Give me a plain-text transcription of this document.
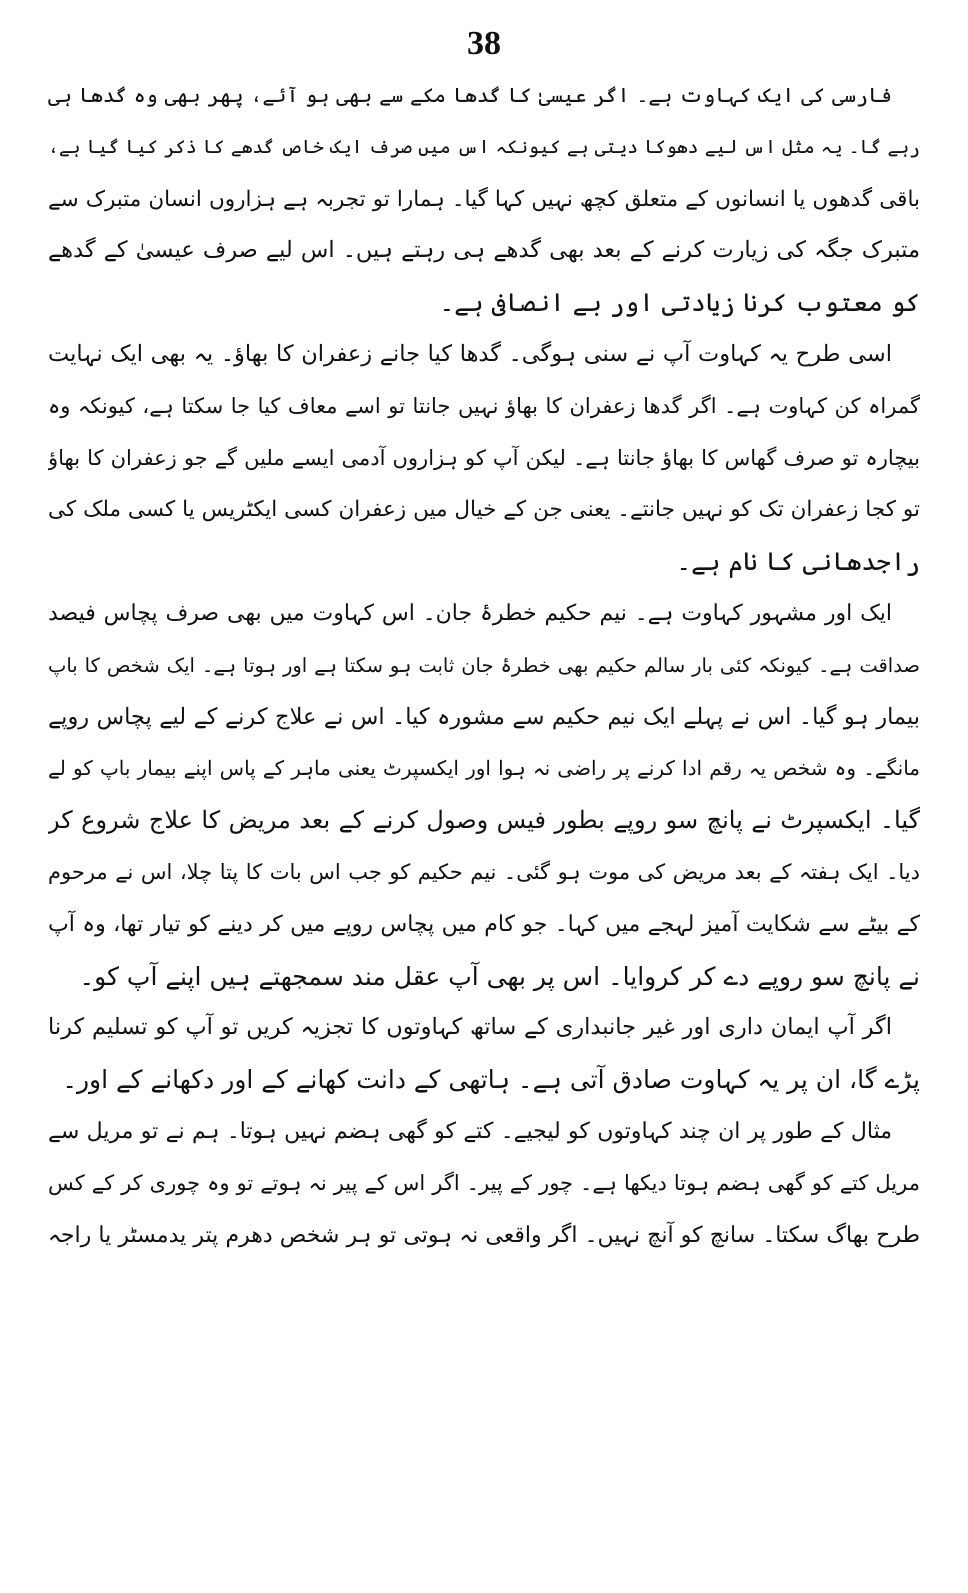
38
فارسی کی ایک کہاوت ہے۔ اگر عیسیٰ کا گدھا مکے سے بھی ہو آئے، پھر بھی وہ گدھا ہی
رہے گا۔ یہ مثل اس لیے دھوکا دیتی ہے کیونکہ اس میں صرف ایک خاص گدھے کا ذکر کیا گیا ہے،
باقی گدھوں یا انسانوں کے متعلق کچھ نہیں کہا گیا۔ ہمارا تو تجربہ ہے ہزاروں انسان متبرک سے
متبرک جگہ کی زیارت کرنے کے بعد بھی گدھے ہی رہتے ہیں۔ اس لیے صرف عیسیٰ کے گدھے
کو معتوب کرنا زیادتی اور بے انصافی ہے۔
اسی طرح یہ کہاوت آپ نے سنی ہوگی۔ گدھا کیا جانے زعفران کا بھاؤ۔ یہ بھی ایک نہایت
گمراہ کن کہاوت ہے۔ اگر گدھا زعفران کا بھاؤ نہیں جانتا تو اسے معاف کیا جا سکتا ہے، کیونکہ وہ
بیچارہ تو صرف گھاس کا بھاؤ جانتا ہے۔ لیکن آپ کو ہزاروں آدمی ایسے ملیں گے جو زعفران کا بھاؤ
تو کجا زعفران تک کو نہیں جانتے۔ یعنی جن کے خیال میں زعفران کسی ایکٹریس یا کسی ملک کی
راجدھانی کا نام ہے۔
ایک اور مشہور کہاوت ہے۔ نیم حکیم خطرۂ جان۔ اس کہاوت میں بھی صرف پچاس فیصد
صداقت ہے۔ کیونکہ کئی بار سالم حکیم بھی خطرۂ جان ثابت ہو سکتا ہے اور ہوتا ہے۔ ایک شخص کا باپ
بیمار ہو گیا۔ اس نے پہلے ایک نیم حکیم سے مشورہ کیا۔ اس نے علاج کرنے کے لیے پچاس روپے
مانگے۔ وہ شخص یہ رقم ادا کرنے پر راضی نہ ہوا اور ایکسپرٹ یعنی ماہر کے پاس اپنے بیمار باپ کو لے
گیا۔ ایکسپرٹ نے پانچ سو روپے بطور فیس وصول کرنے کے بعد مریض کا علاج شروع کر
دیا۔ ایک ہفتہ کے بعد مریض کی موت ہو گئی۔ نیم حکیم کو جب اس بات کا پتا چلا، اس نے مرحوم
کے بیٹے سے شکایت آمیز لہجے میں کہا۔ جو کام میں پچاس روپے میں کر دینے کو تیار تھا، وہ آپ
نے پانچ سو روپے دے کر کروایا۔ اس پر بھی آپ عقل مند سمجھتے ہیں اپنے آپ کو۔
اگر آپ ایمان داری اور غیر جانبداری کے ساتھ کہاوتوں کا تجزیہ کریں تو آپ کو تسلیم کرنا
پڑے گا، ان پر یہ کہاوت صادق آتی ہے۔ ہاتھی کے دانت کھانے کے اور دکھانے کے اور۔
مثال کے طور پر ان چند کہاوتوں کو لیجیے۔ کتے کو گھی ہضم نہیں ہوتا۔ ہم نے تو مریل سے
مریل کتے کو گھی ہضم ہوتا دیکھا ہے۔ چور کے پیر۔ اگر اس کے پیر نہ ہوتے تو وہ چوری کر کے کس
طرح بھاگ سکتا۔ سانچ کو آنچ نہیں۔ اگر واقعی نہ ہوتی تو ہر شخص دھرم پتر یدمسٹر یا راجہ
